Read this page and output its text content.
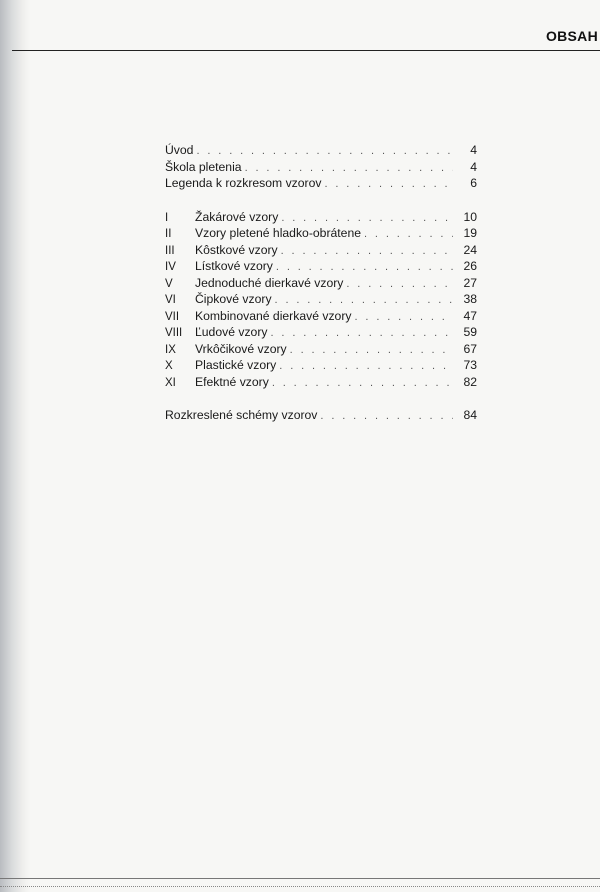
OBSAH
Úvod . . .	4
Škola pletenia . . .	4
Legenda k rozkresom vzorov . . .	6
I	Žakárové vzory . . .	10
II	Vzory pletené hladko-obrátene . . .	19
III	Kôstkové vzory . . .	24
IV	Lístkové vzory . . .	26
V	Jednoduché dierkavé vzory . . .	27
VI	Čipkové vzory . . .	38
VII	Kombinované dierkavé vzory . . .	47
VIII	Ľudové vzory . . .	59
IX	Vrkôčikové vzory . . .	67
X	Plastické vzory . . .	73
XI	Efektné vzory . . .	82
Rozkreslené schémy vzorov . . .	84
